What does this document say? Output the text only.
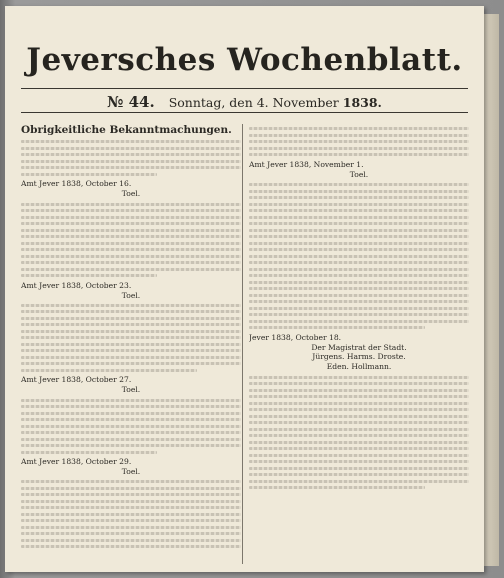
Jeversches Wochenblatt.
№ 44. Sonntag, den 4. November 1838.

Obrigkeitliche Bekanntmachungen.

Amt Jever 1838, October 16.

Toel.

Amt Jever 1838, October 23.

Toel.

Amt Jever 1838, October 27.

Toel.

Amt Jever 1838, October 29.

Toel.

Amt Jever 1838, November 1.

Toel.

Jever 1838, October 18.

Der Magistrat der Stadt.

Jürgens. Harms. Droste.

Eden. Hollmann.
